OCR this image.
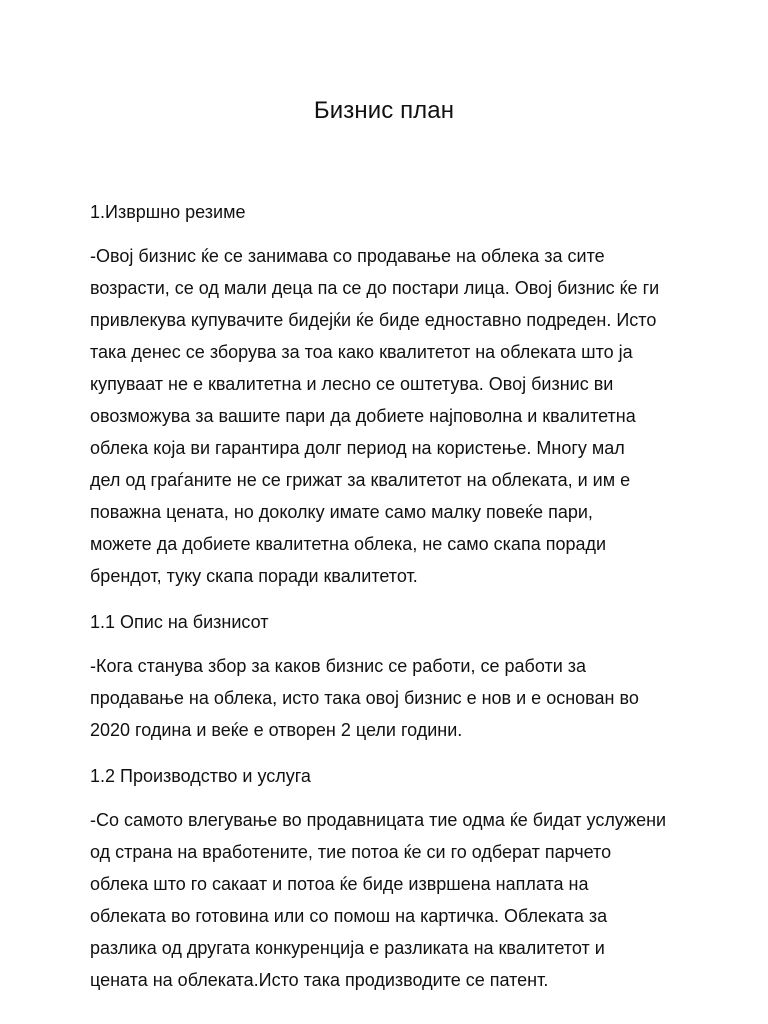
Бизнис план
1.Извршно резиме

-Овој бизнис ќе се занимава со продавање на облека за сите
возрасти, се од мали деца па се до постари лица. Овој бизнис ќе ги
привлекува купувачите бидејќи ќе биде едноставно подреден. Исто
така денес се зборува за тоа како квалитетот на облеката што ја
купуваат не е квалитетна и лесно се оштетува. Овој бизнис ви
овозможува за вашите пари да добиете најповолна и квалитетна
облека која ви гарантира долг период на користење. Многу мал
дел од граѓаните не се грижат за квалитетот на облеката, и им е
поважна цената, но доколку имате само малку повеќе пари,
можете да добиете квалитетна облека, не само скапа поради
брендот, туку скапа поради квалитетот.

1.1 Опис на бизнисот

-Кога станува збор за каков бизнис се работи, се работи за
продавање на облека, исто така овој бизнис е нов и е основан во
2020 година и веќе е отворен 2 цели години.

1.2 Производство и услуга

-Со самото влегување во продавницата тие одма ќе бидат услужени
од страна на вработените, тие потоа ќе си го одберат парчето
облека што го сакаат и потоа ќе биде извршена наплата на
облеката во готовина или со помош на картичка. Облеката за
разлика од другата конкуренција е разликата на квалитетот и
цената на облеката.Исто така продизводите се патент.
